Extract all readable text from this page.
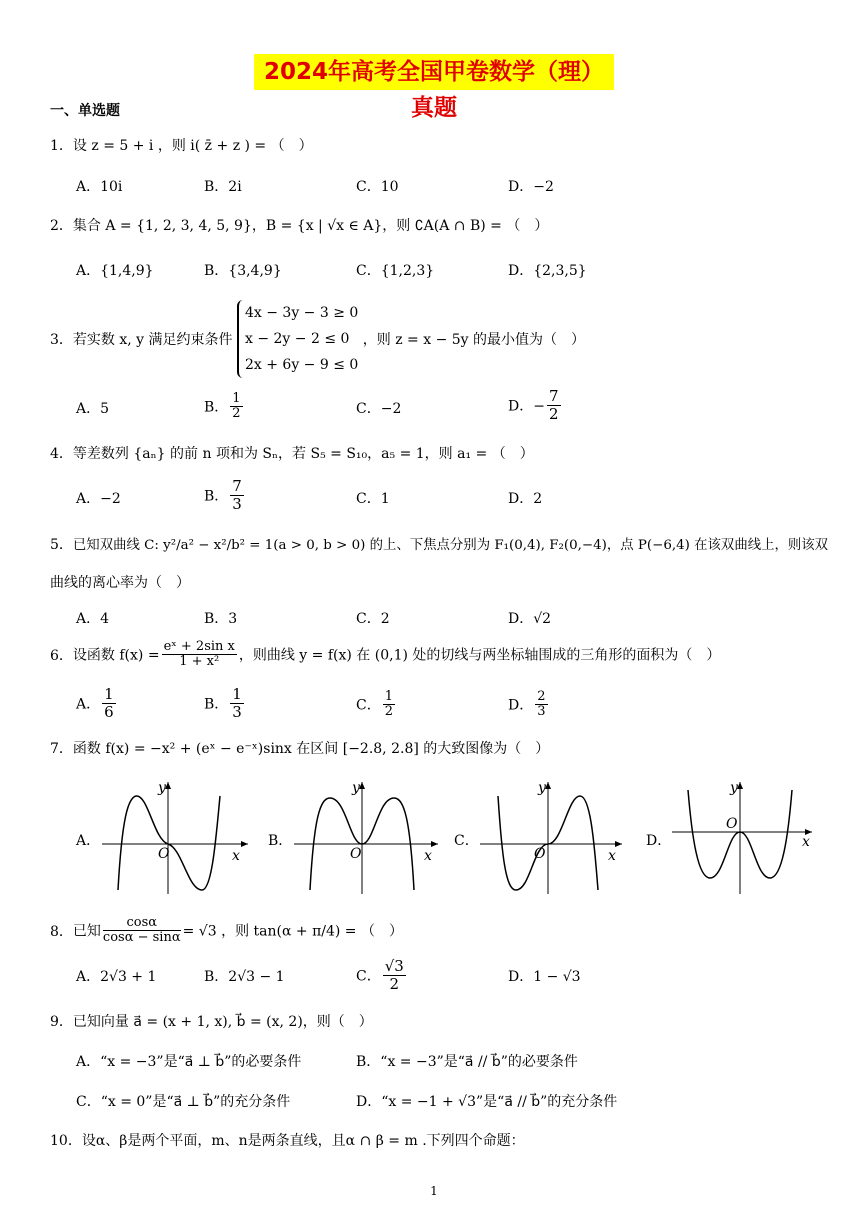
2024年高考全国甲卷数学（理）真题
一、单选题
1．设 z = 5 + i ，则 i( z̄ + z ) = （　）
A．10i	B．2i	C．10	D．−2
2．集合 A = {1, 2, 3, 4, 5, 9}，B = {x | √x ∈ A}，则 ∁A(A ∩ B) = （　）
A．{1,4,9}	B．{3,4,9}	C．{1,2,3}	D．{2,3,5}
3．若实数 x, y 满足约束条件
4x − 3y − 3 ≥ 0
x − 2y − 2 ≤ 0
2x + 6y − 9 ≤ 0
，则 z = x − 5y 的最小值为（　）
A．5	B． $\frac{1}{2}$	C．−2	D．− $\frac{7}{2}$
4．等差数列 {aₙ} 的前 n 项和为 Sₙ，若 S₅ = S₁₀，a₅ = 1，则 a₁ = （　）
A．−2	B． $\frac{7}{3}$	C．1	D．2
5．已知双曲线 C: y²/a² − x²/b² = 1(a > 0, b > 0) 的上、下焦点分别为 F₁(0,4), F₂(0,−4)，点 P(−6,4) 在该双曲线上，则该双
曲线的离心率为（　）
A．4	B．3	C．2	D．√2
6．设函数 $f(x) = \frac{\text{eˣ + 2sin x}}{\text{1 + x²}}$ ，则曲线 y = f(x) 在 (0,1) 处的切线与两坐标轴围成的三角形的面积为（　）
A． $\frac{1}{6}$	B． $\frac{1}{3}$	C． $\frac{1}{2}$	D． $\frac{2}{3}$
7．函数 f(x) = −x² + (eˣ − e⁻ˣ)sinx 在区间 [−2.8, 2.8] 的大致图像为（　）
A．
O	x
y
B．
O	x
y
C．
O	x
y
D．
O
x
y
8．已知 $\frac{\cos\alpha}{\cos\alpha - \sin\alpha} = √3$ ，则 tan(α + π/4) = （　）
A．2√3 + 1	B．2√3 − 1	C． $\frac{√3}{2}$	D．1 − √3
9．已知向量 a⃗ = (x + 1, x), b⃗ = (x, 2)，则（　）
A．“x = −3”是“a⃗ ⊥ b⃗”的必要条件	B．“x = −3”是“a⃗ // b⃗”的必要条件
C．“x = 0”是“a⃗ ⊥ b⃗”的充分条件	D．“x = −1 + √3”是“a⃗ // b⃗”的充分条件
10．设α、β是两个平面，m、n是两条直线，且α ∩ β = m .下列四个命题：
1
